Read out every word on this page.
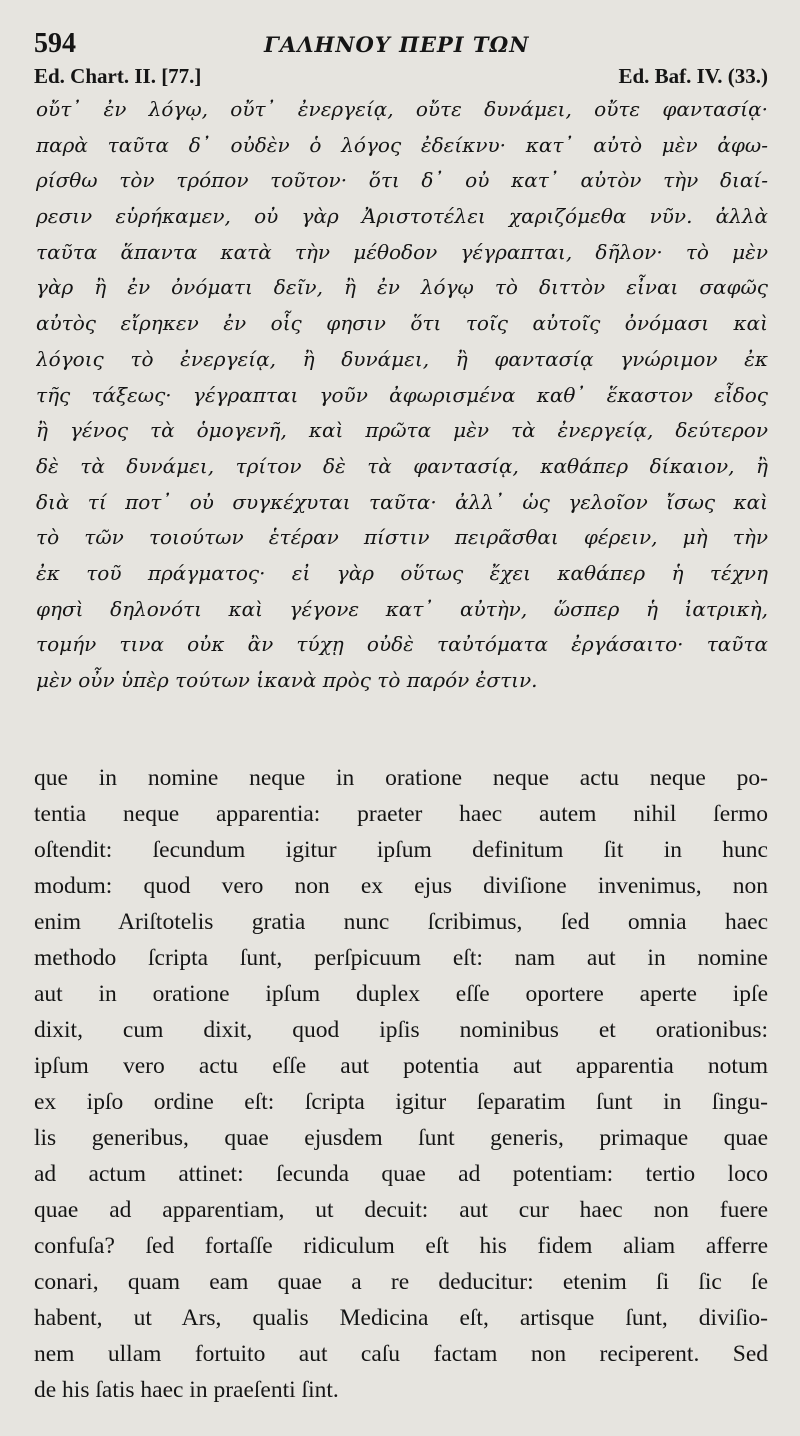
594	ΓΑΛΗΝΟΥ ΠΕΡΙ ΤΩΝ
Ed. Chart. II. [77.]	Ed. Baf. IV. (33.)
οὔτ᾽ ἐν λόγῳ, οὔτ᾽ ἐνεργείᾳ, οὔτε δυνάμει, οὔτε φαντασίᾳ·
παρὰ ταῦτα δ᾽ οὐδὲν ὁ λόγος ἐδείκνυ· κατ᾽ αὐτὸ μὲν ἀφω-
ρίσθω τὸν τρόπον τοῦτον· ὅτι δ᾽ οὐ κατ᾽ αὐτὸν τὴν διαί-
ρεσιν εὑρήκαμεν, οὐ γὰρ Ἀριστοτέλει χαριζόμεθα νῦν. ἀλλὰ
ταῦτα ἅπαντα κατὰ τὴν μέθοδον γέγραπται, δῆλον· τὸ μὲν
γὰρ ἢ ἐν ὀνόματι δεῖν, ἢ ἐν λόγῳ τὸ διττὸν εἶναι σαφῶς
αὐτὸς εἴρηκεν ἐν οἷς φησιν ὅτι τοῖς αὐτοῖς ὀνόμασι καὶ
λόγοις τὸ ἐνεργείᾳ, ἢ δυνάμει, ἢ φαντασίᾳ γνώριμον ἐκ
τῆς τάξεως· γέγραπται γοῦν ἀφωρισμένα καθ᾽ ἕκαστον εἶδος
ἢ γένος τὰ ὁμογενῆ, καὶ πρῶτα μὲν τὰ ἐνεργείᾳ, δεύτερον
δὲ τὰ δυνάμει, τρίτον δὲ τὰ φαντασίᾳ, καθάπερ δίκαιον, ἢ
διὰ τί ποτ᾽ οὐ συγκέχυται ταῦτα· ἀλλ᾽ ὡς γελοῖον ἴσως καὶ
τὸ τῶν τοιούτων ἑτέραν πίστιν πειρᾶσθαι φέρειν, μὴ τὴν
ἐκ τοῦ πράγματος· εἰ γὰρ οὕτως ἔχει καθάπερ ἡ τέχνη
φησὶ δηλονότι καὶ γέγονε κατ᾽ αὐτὴν, ὥσπερ ἡ ἰατρικὴ,
τομήν τινα οὐκ ἂν τύχῃ οὐδὲ ταὐτόματα ἐργάσαιτο· ταῦτα
μὲν οὖν ὑπὲρ τούτων ἱκανὰ πρὸς τὸ παρόν ἐστιν.
que in nomine neque in oratione neque actu neque po-
tentia neque apparentia: praeter haec autem nihil ſermo
oſtendit: ſecundum igitur ipſum definitum ſit in hunc
modum: quod vero non ex ejus diviſione invenimus, non
enim Ariſtotelis gratia nunc ſcribimus, ſed omnia haec
methodo ſcripta ſunt, perſpicuum eſt: nam aut in nomine
aut in oratione ipſum duplex eſſe oportere aperte ipſe
dixit, cum dixit, quod ipſis nominibus et orationibus:
ipſum vero actu eſſe aut potentia aut apparentia notum
ex ipſo ordine eſt: ſcripta igitur ſeparatim ſunt in ſingu-
lis generibus, quae ejusdem ſunt generis, primaque quae
ad actum attinet: ſecunda quae ad potentiam: tertio loco
quae ad apparentiam, ut decuit: aut cur haec non fuere
confuſa? ſed fortaſſe ridiculum eſt his fidem aliam afferre
conari, quam eam quae a re deducitur: etenim ſi ſic ſe
habent, ut Ars, qualis Medicina eſt, artisque ſunt, diviſio-
nem ullam fortuito aut caſu factam non reciperent. Sed
de his ſatis haec in praeſenti ſint.
